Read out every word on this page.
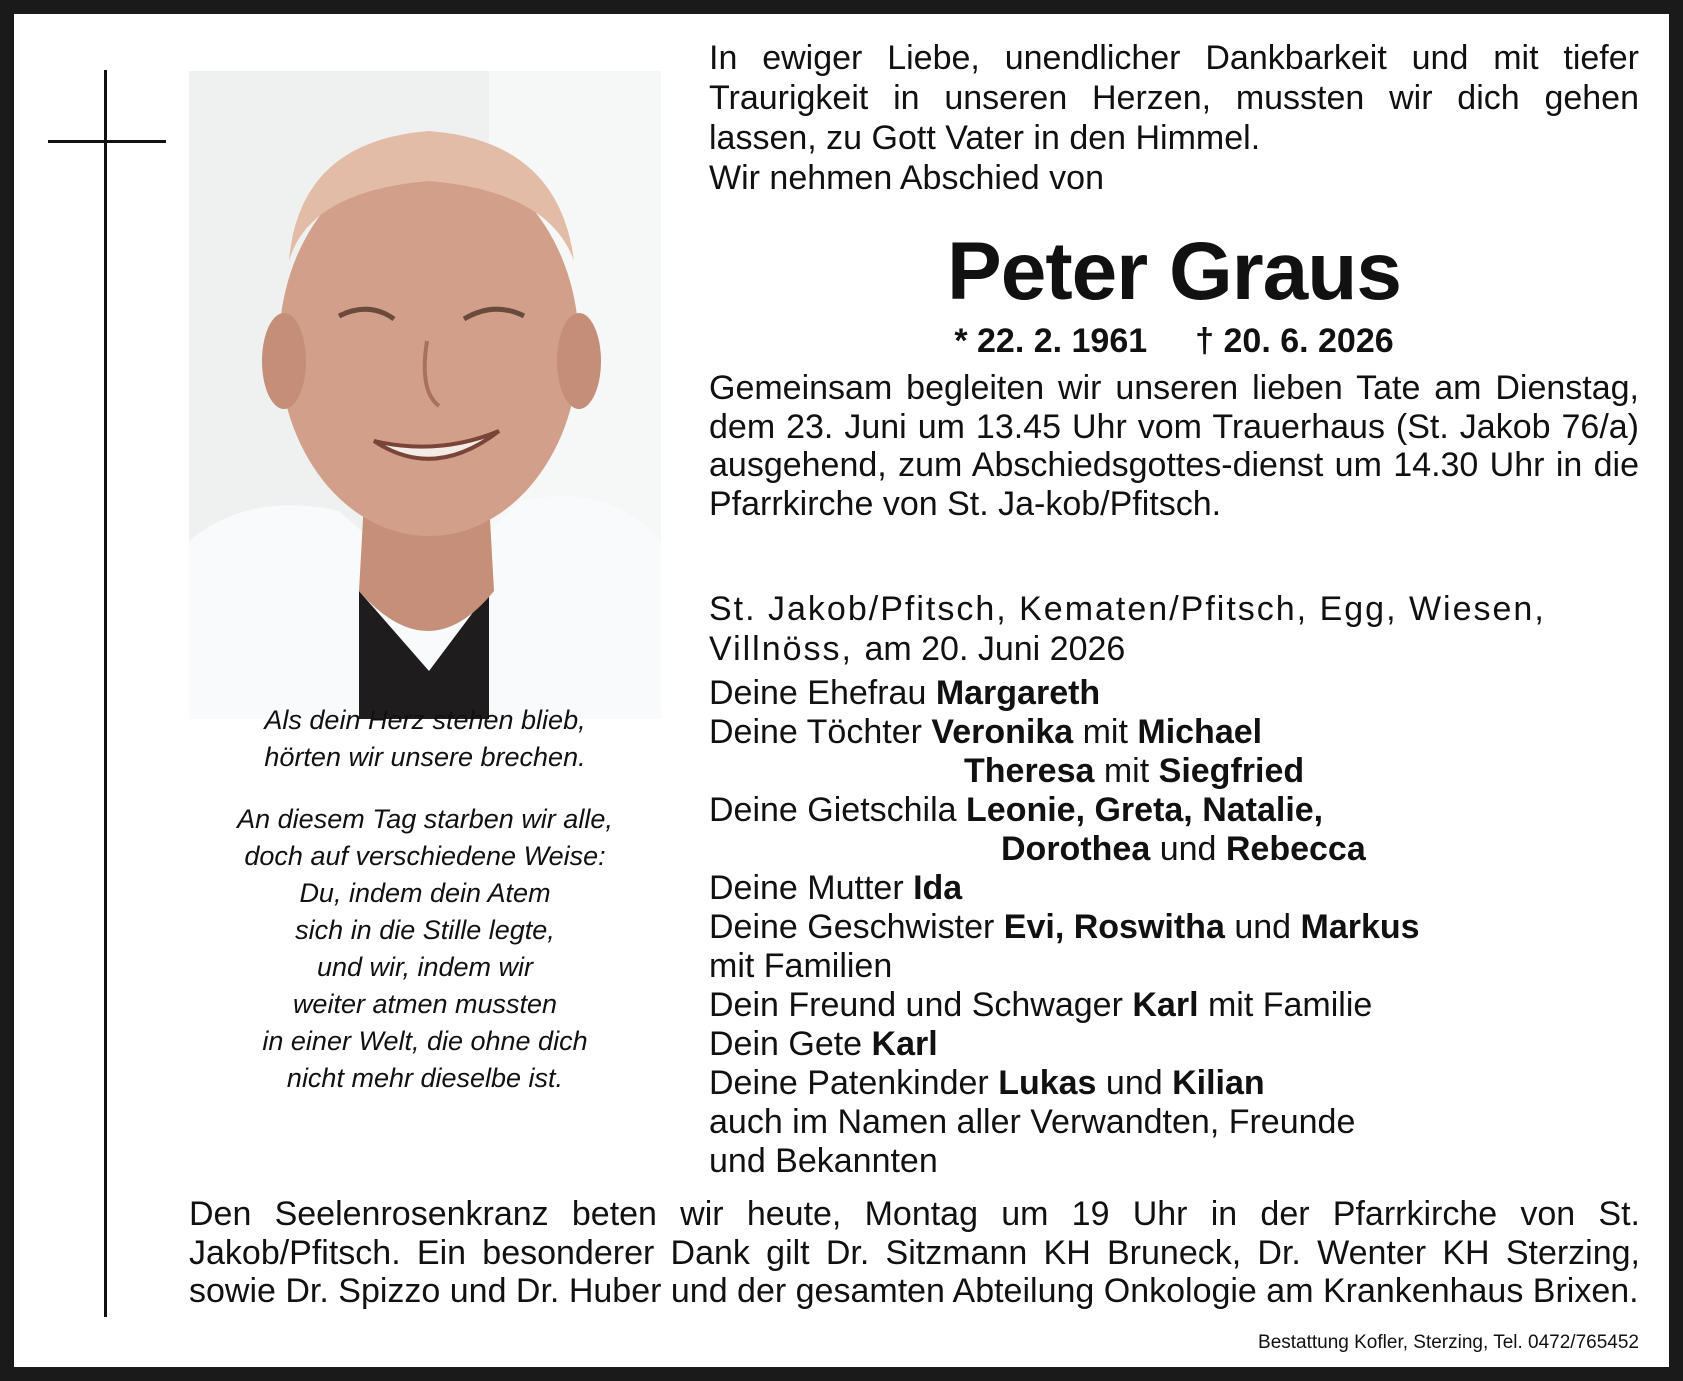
Als dein Herz stehen blieb,
hörten wir unsere brechen.
An diesem Tag starben wir alle,
doch auf verschiedene Weise:
Du, indem dein Atem
sich in die Stille legte,
und wir, indem wir
weiter atmen mussten
in einer Welt, die ohne dich
nicht mehr dieselbe ist.
In ewiger Liebe, unendlicher Dankbarkeit und mit tiefer Traurigkeit in unseren Herzen, mussten wir dich gehen lassen, zu Gott Vater in den Himmel.
Wir nehmen Abschied von
Peter Graus
* 22. 2. 1961 † 20. 6. 2026
Gemeinsam begleiten wir unseren lieben Tate am Dienstag, dem 23. Juni um 13.45 Uhr vom Trauerhaus (St. Jakob 76/a) ausgehend, zum Abschiedsgottes-dienst um 14.30 Uhr in die Pfarrkirche von St. Ja-kob/Pfitsch.
St. Jakob/Pfitsch, Kematen/Pfitsch, Egg, Wiesen, Villnöss, am 20. Juni 2026
Deine Ehefrau Margareth
Deine Töchter Veronika mit Michael
Theresa mit Siegfried
Deine Gietschila Leonie, Greta, Natalie,
Dorothea und Rebecca
Deine Mutter Ida
Deine Geschwister Evi, Roswitha und Markus
mit Familien
Dein Freund und Schwager Karl mit Familie
Dein Gete Karl
Deine Patenkinder Lukas und Kilian
auch im Namen aller Verwandten, Freunde
und Bekannten
Den Seelenrosenkranz beten wir heute, Montag um 19 Uhr in der Pfarrkirche von St. Jakob/Pfitsch. Ein besonderer Dank gilt Dr. Sitzmann KH Bruneck, Dr. Wenter KH Sterzing, sowie Dr. Spizzo und Dr. Huber und der gesamten Abteilung Onkologie am Krankenhaus Brixen.
Bestattung Kofler, Sterzing, Tel. 0472/765452
